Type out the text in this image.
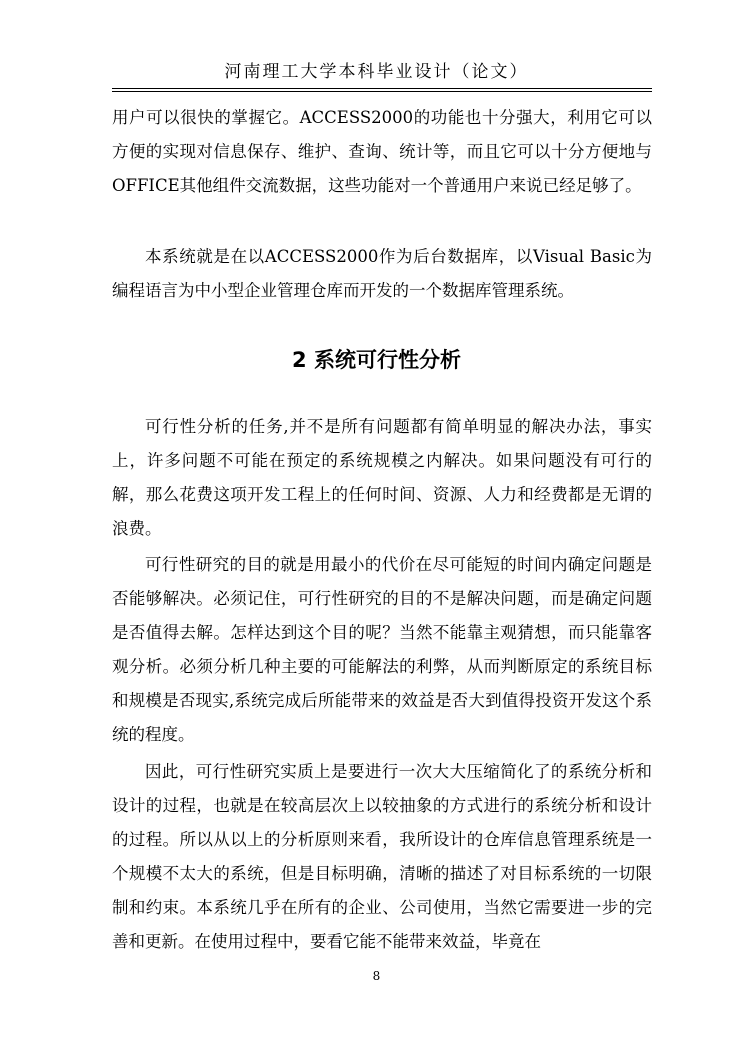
河南理工大学本科毕业设计（论文）

用户可以很快的掌握它。ACCESS2000的功能也十分强大，利用它可以方便的实现对信息保存、维护、查询、统计等，而且它可以十分方便地与OFFICE其他组件交流数据，这些功能对一个普通用户来说已经足够了。

本系统就是在以ACCESS2000作为后台数据库，以Visual Basic为编程语言为中小型企业管理仓库而开发的一个数据库管理系统。

2 系统可行性分析

可行性分析的任务,并不是所有问题都有简单明显的解决办法，事实上，许多问题不可能在预定的系统规模之内解决。如果问题没有可行的解，那么花费这项开发工程上的任何时间、资源、人力和经费都是无谓的浪费。

可行性研究的目的就是用最小的代价在尽可能短的时间内确定问题是否能够解决。必须记住，可行性研究的目的不是解决问题，而是确定问题是否值得去解。怎样达到这个目的呢？当然不能靠主观猜想，而只能靠客观分析。必须分析几种主要的可能解法的利弊，从而判断原定的系统目标和规模是否现实,系统完成后所能带来的效益是否大到值得投资开发这个系统的程度。

因此，可行性研究实质上是要进行一次大大压缩简化了的系统分析和设计的过程，也就是在较高层次上以较抽象的方式进行的系统分析和设计的过程。所以从以上的分析原则来看，我所设计的仓库信息管理系统是一个规模不太大的系统，但是目标明确，清晰的描述了对目标系统的一切限制和约束。本系统几乎在所有的企业、公司使用，当然它需要进一步的完善和更新。在使用过程中，要看它能不能带来效益，毕竟在

8
